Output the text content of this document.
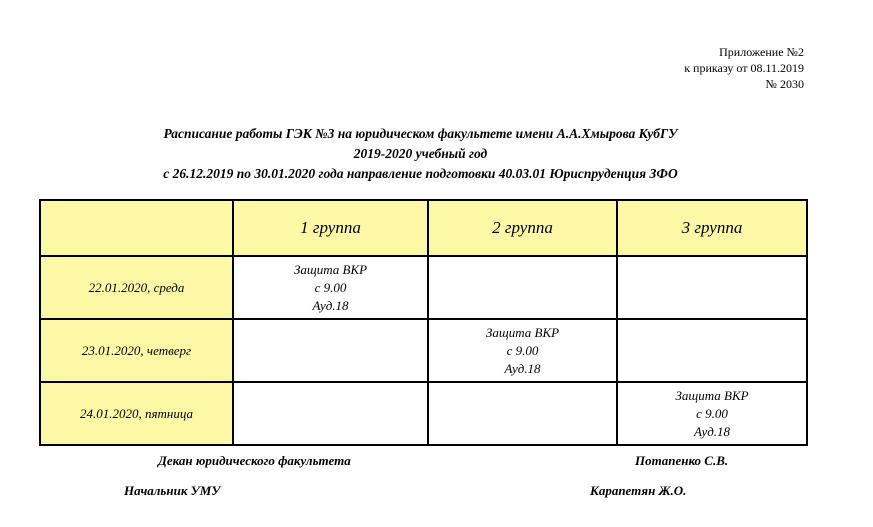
Приложение №2
к приказу от 08.11.2019
№ 2030
Расписание работы ГЭК №3 на юридическом факультете имени А.А.Хмырова КубГУ
2019-2020 учебный год
с 26.12.2019 по 30.01.2020 года направление подготовки 40.03.01 Юриспруденция ЗФО
	1 группа	2 группа	3 группа
22.01.2020, среда	Защита ВКР
с 9.00
Ауд.18		

23.01.2020, четверг		Защита ВКР
с 9.00
Ауд.18	

24.01.2020, пятница			Защита ВКР
с 9.00
Ауд.18
Декан юридического факультета	Потапенко С.В.
Начальник УМУ	Карапетян Ж.О.
